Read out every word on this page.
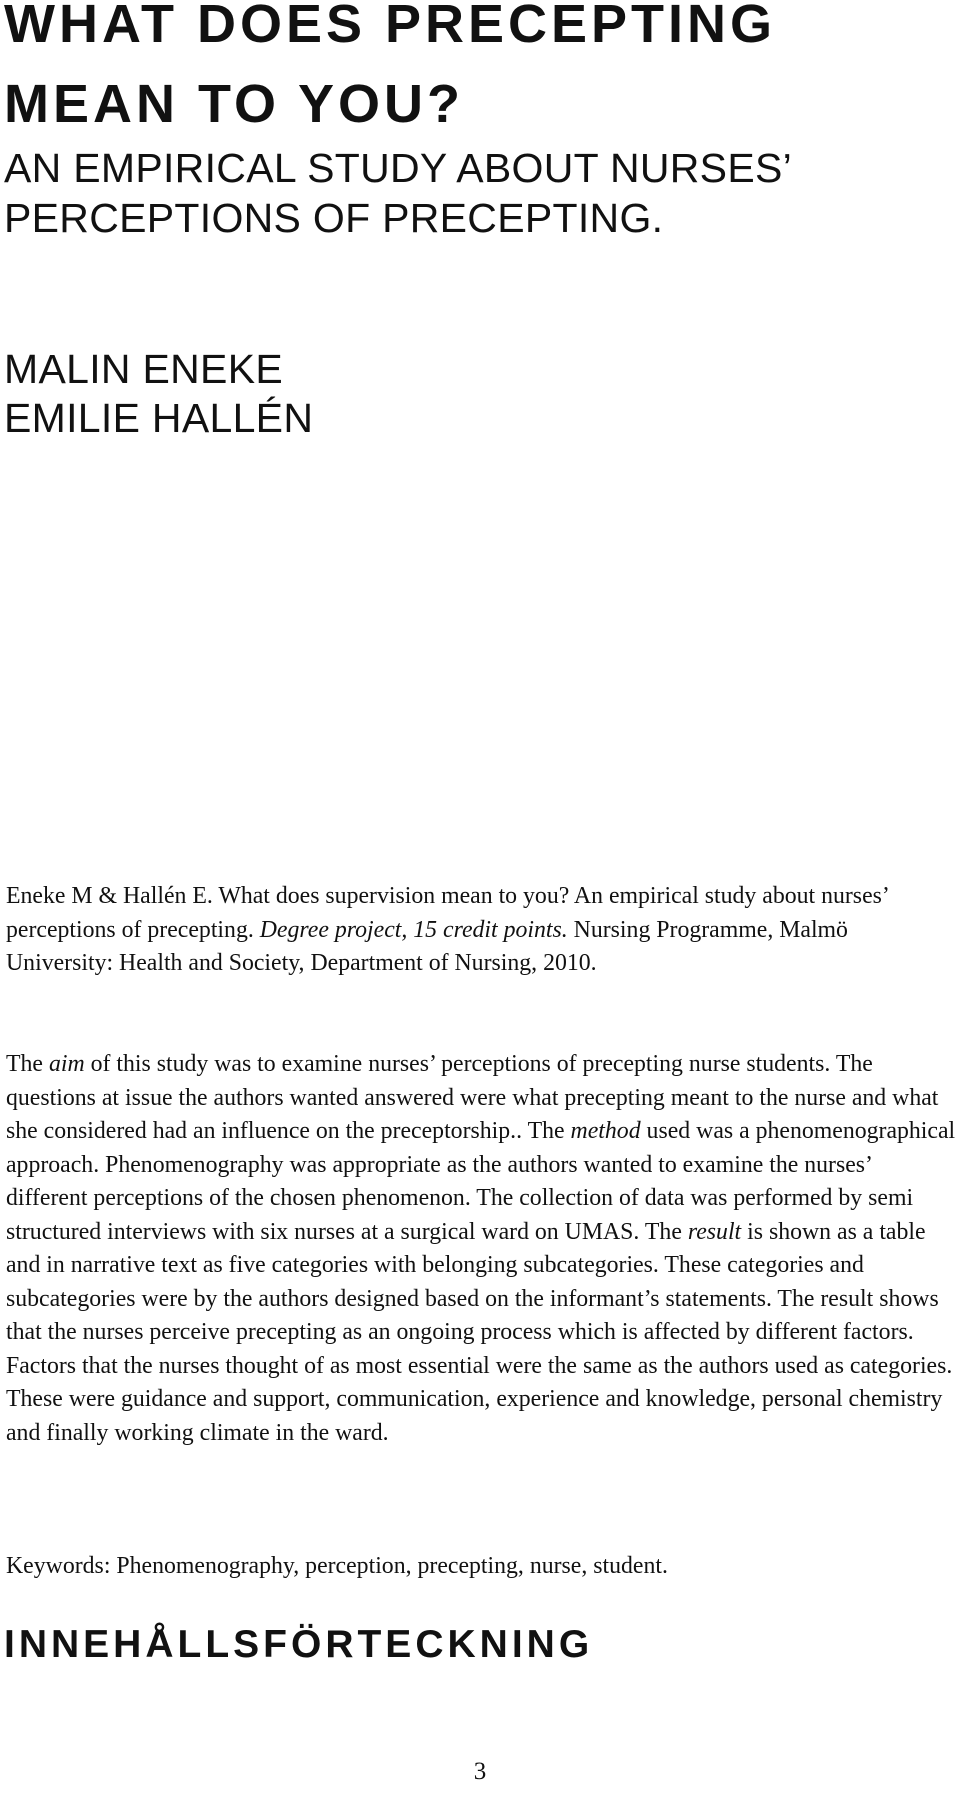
WHAT DOES PRECEPTING
MEAN TO YOU?
AN EMPIRICAL STUDY ABOUT NURSES’
PERCEPTIONS OF PRECEPTING.
MALIN ENEKE
EMILIE HALLÉN

Eneke M & Hallén E. What does supervision mean to you? An empirical study about nurses’ perceptions of precepting. Degree project, 15 credit points. Nursing Programme, Malmö University: Health and Society, Department of Nursing, 2010.

The aim of this study was to examine nurses’ perceptions of precepting nurse students. The questions at issue the authors wanted answered were what precepting meant to the nurse and what she considered had an influence on the preceptorship.. The method used was a phenomenographical approach. Phenomenography was appropriate as the authors wanted to examine the nurses’ different perceptions of the chosen phenomenon. The collection of data was performed by semi structured interviews with six nurses at a surgical ward on UMAS. The result is shown as a table and in narrative text as five categories with belonging subcategories. These categories and subcategories were by the authors designed based on the informant’s statements. The result shows that the nurses perceive precepting as an ongoing process which is affected by different factors. Factors that the nurses thought of as most essential were the same as the authors used as categories. These were guidance and support, communication, experience and knowledge, personal chemistry and finally working climate in the ward.

Keywords: Phenomenography, perception, precepting, nurse, student.

INNEHÅLLSFÖRTECKNING
3
